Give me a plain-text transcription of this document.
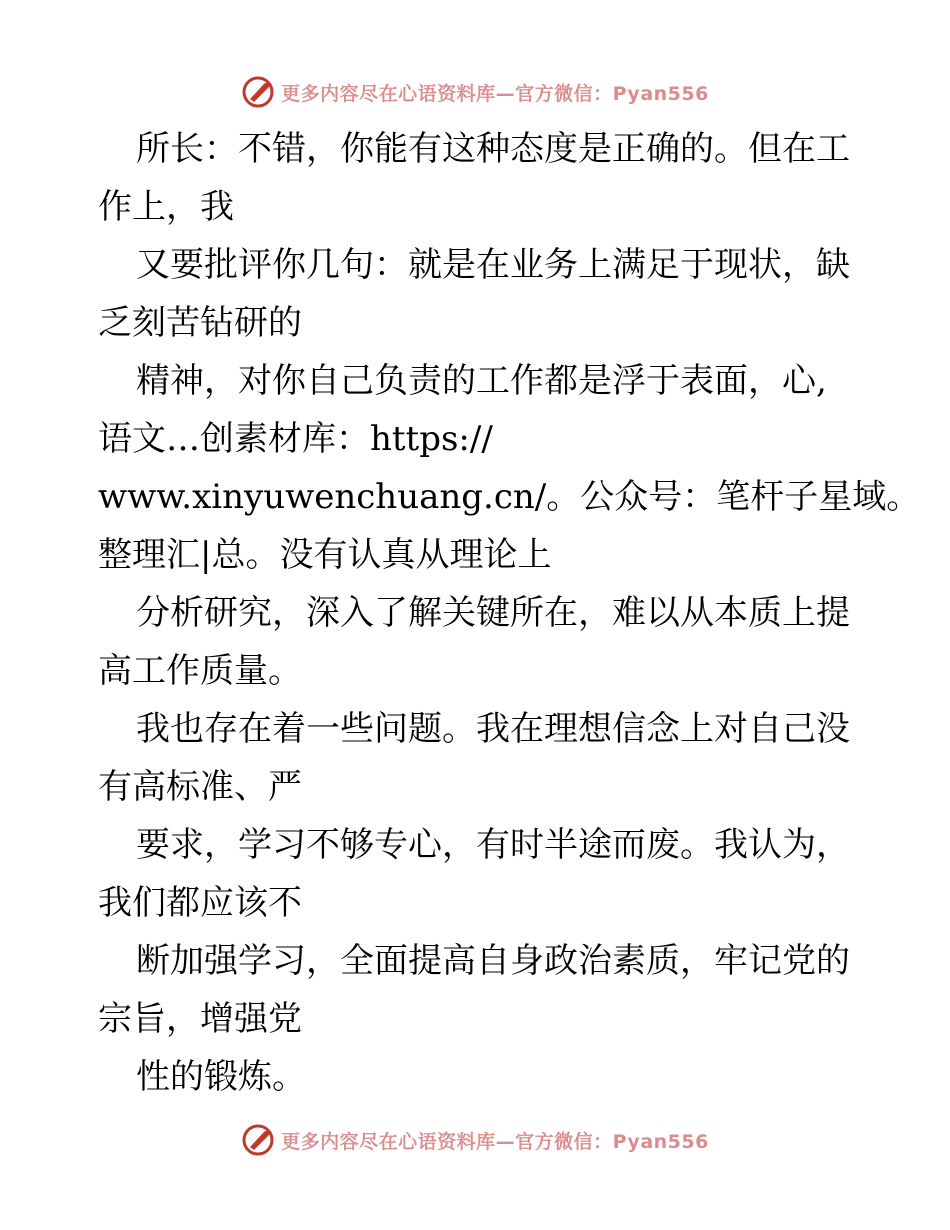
更多内容尽在心语资料库—官方微信：Pyan556
所长：不错，你能有这种态度是正确的。但在工
作上，我
又要批评你几句：就是在业务上满足于现状，缺
乏刻苦钻研的
精神，对你自己负责的工作都是浮于表面，心,
语文…创素材库：https://
www.xinyuwenchuang.cn/。公众号：笔杆子星域。
整理汇|总。没有认真从理论上
分析研究，深入了解关键所在，难以从本质上提
高工作质量。
我也存在着一些问题。我在理想信念上对自己没
有高标准、严
要求，学习不够专心，有时半途而废。我认为，
我们都应该不
断加强学习，全面提高自身政治素质，牢记党的
宗旨，增强党
性的锻炼。
更多内容尽在心语资料库—官方微信：Pyan556
